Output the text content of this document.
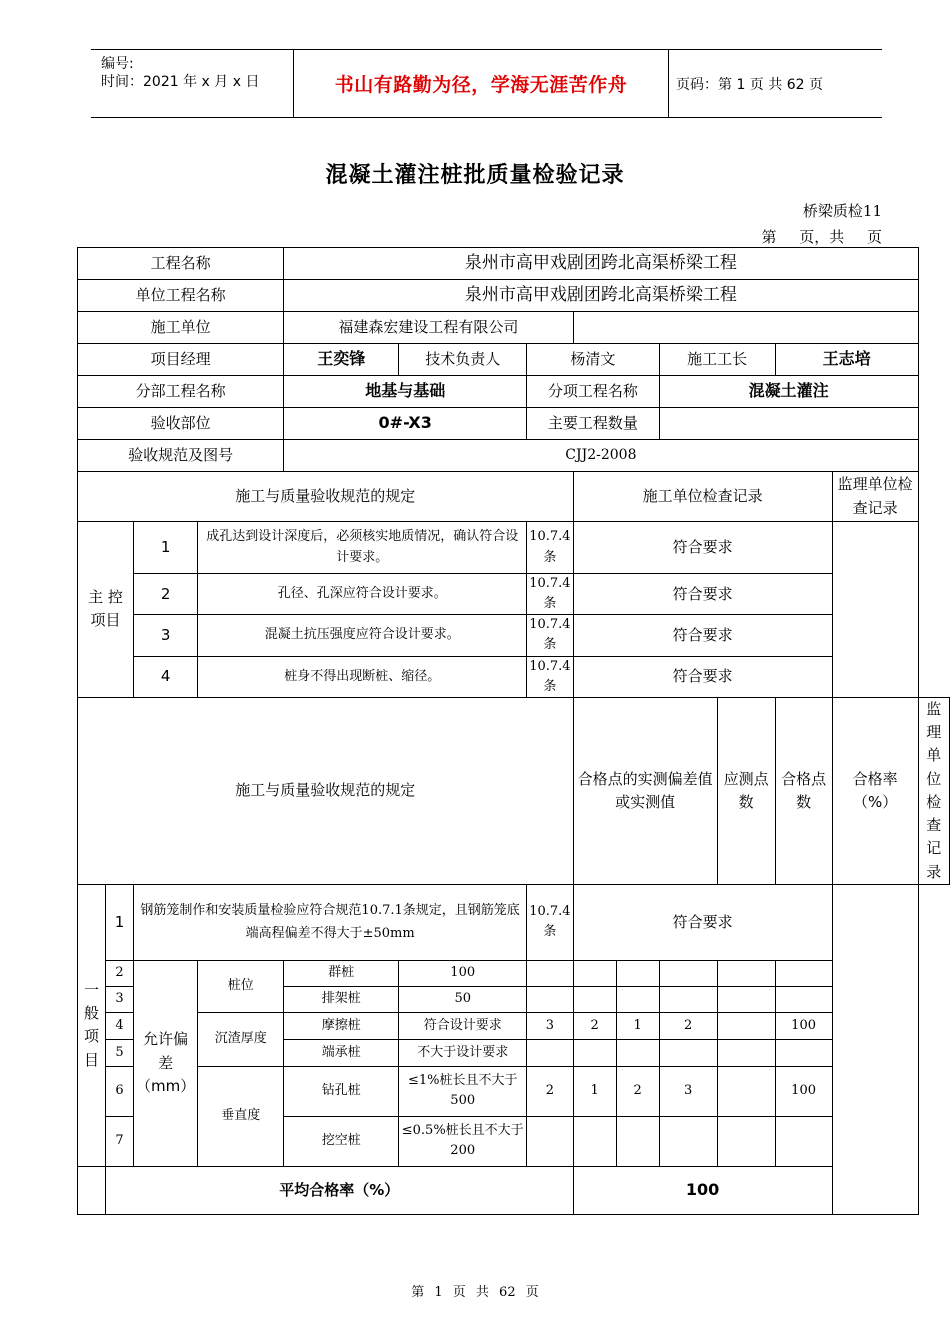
编号:
时间：2021 年 x 月 x 日	书山有路勤为径，学海无涯苦作舟	页码：第 1 页 共 62 页
混凝土灌注桩批质量检验记录
桥梁质检11
第 页，共 页
工程名称				泉州市高甲戏剧团跨北高渠桥梁工程									
单位工程名称				泉州市高甲戏剧团跨北高渠桥梁工程									
施工单位				福建森宏建设工程有限公司									
项目经理				王奕锋	技术负责人	杨清文			施工工长		王志培		
分部工程名称				地基与基础		分项工程名称			混凝土灌注				
验收部位				0#-X3		主要工程数量							
验收规范及图号				CJJ2-2008									
施工与质量验收规范的规定							施工单位检查记录					监理单位检查记录	
主 控 项目		1	成孔达到设计深度后，必须核实地质情况，确认符合设计要求。			10.7.4条	符合要求						
		2	孔径、孔深应符合设计要求。			10.7.4条	符合要求						
		3	混凝土抗压强度应符合设计要求。			10.7.4条	符合要求						
		4	桩身不得出现断桩、缩径。			10.7.4条	符合要求						
施工与质量验收规范的规定							合格点的实测偏差值或实测值			应测点数	合格点数	合格率（%）	监理单位检查记录
一般项目	1	钢筋笼制作和安装质量检验应符合规范10.7.1条规定，且钢筋笼底端高程偏差不得大于±50mm				10.7.4条	符合要求						
	2	允许偏差（mm）	桩位	群桩	100								
	3			排架桩	50								
	4		沉渣厚度	摩擦桩	符合设计要求	3	2	1	2		100		
	5			端承桩	不大于设计要求								
	6		垂直度	钻孔桩	≤1%桩长且不大于500	2	1	2	3		100		
	7			挖空桩	≤0.5%桩长且不大于200								
	平均合格率（%）						100						
第 1 页 共 62 页
